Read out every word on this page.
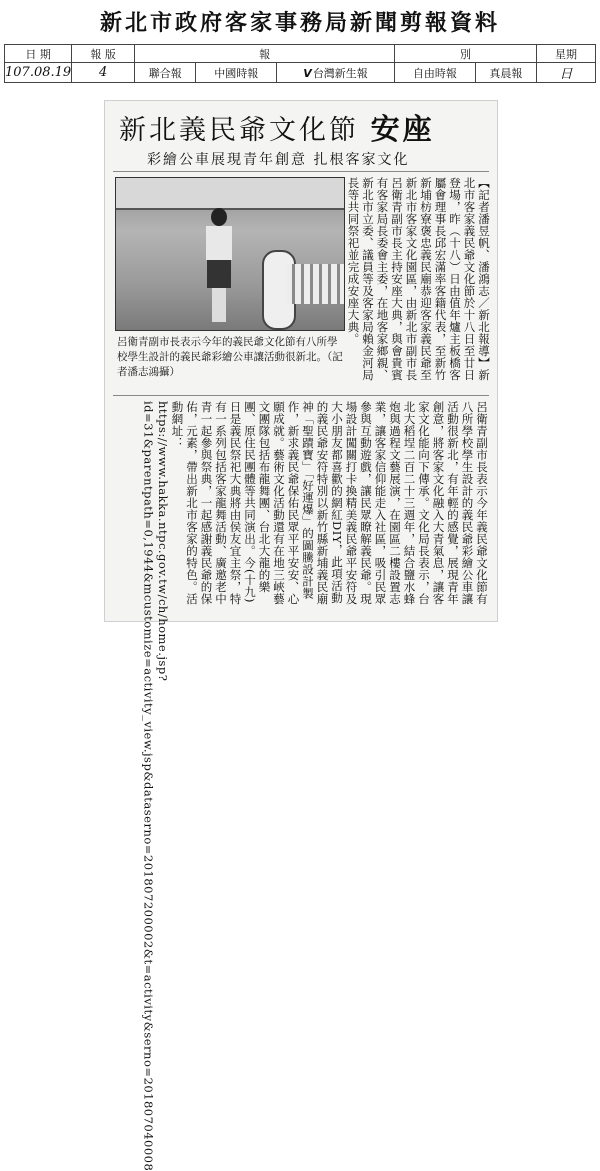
新北市政府客家事務局新聞剪報資料
日 期	報 版	報			別		星期
107.08.19	4	聯合報	中國時報	V台灣新生報	自由時報	真晨報	日
新北義民爺文化節 安座
彩繪公車展現青年創意 扎根客家文化
呂衛青副市長表示今年的義民爺文化節有八所學校學生設計的義民爺彩繪公車讓活動很新北。（記者潘志鴻攝）	【記者潘昱帆、潘鴻志／新北報導】新北市客家義民爺文化節於十八日至廿日登場，昨（十八）日由值年爐主板橋客屬會理事長邱宏滿率客籍代表，至新竹新埔枋寮褒忠義民廟恭迎客家義民爺至新北市客家文化園區，由新北市副市長呂衛青副市長主持安座大典，與會貴賓有客家局長委會主委，在地客家鄉親、新北市立委、議員等及客家局賴金河局長等共同祭祀並完成安座大典。
呂衛青副市長表示今年義民爺文化節有八所學校學生設計的義民爺彩繪公車讓活動很新北，有年輕的感覺，展現青年創意，將客家文化融入大青氣息，讓客家文化能向下傳承。文化局長表示，台北大稻埕二百二十三週年，結合鹽水蜂炮與過程文藝展演，在園區二樓設置志業，讓客家信仰能走入社區，吸引民眾參與互動遊戲，讓民眾瞭解義民爺。現場設計闖關打卡換精美義民爺平安符及大小朋友都喜歡的網紅DIY，此項活動的義民爺安符特別以新竹縣新埔義民廟神「聖蹟寶」「好運爆」的圖騰設計製作，新求義民爺保佑民眾平平安安、心願成就。藝術文化活動還有在地三峽藝文團隊包括布龍舞團、台北大龍的樂團、原住民團體等共同演出。今(十九)日是義民祭祀大典將由侯友宜主祭，特有一系列包括客家龍舞活動、廣邀老中青一起參與祭典，一起感謝義民爺的保佑，元素，帶出新北市客家的特色。活動網址：https://www.hakka.ntpc.gov.tw/ch/home.jsp?id=31&parentpath=0,1944&mcustomize=activity_view.jsp&dataserno=201807200002&t=activity&serno=201807040008
